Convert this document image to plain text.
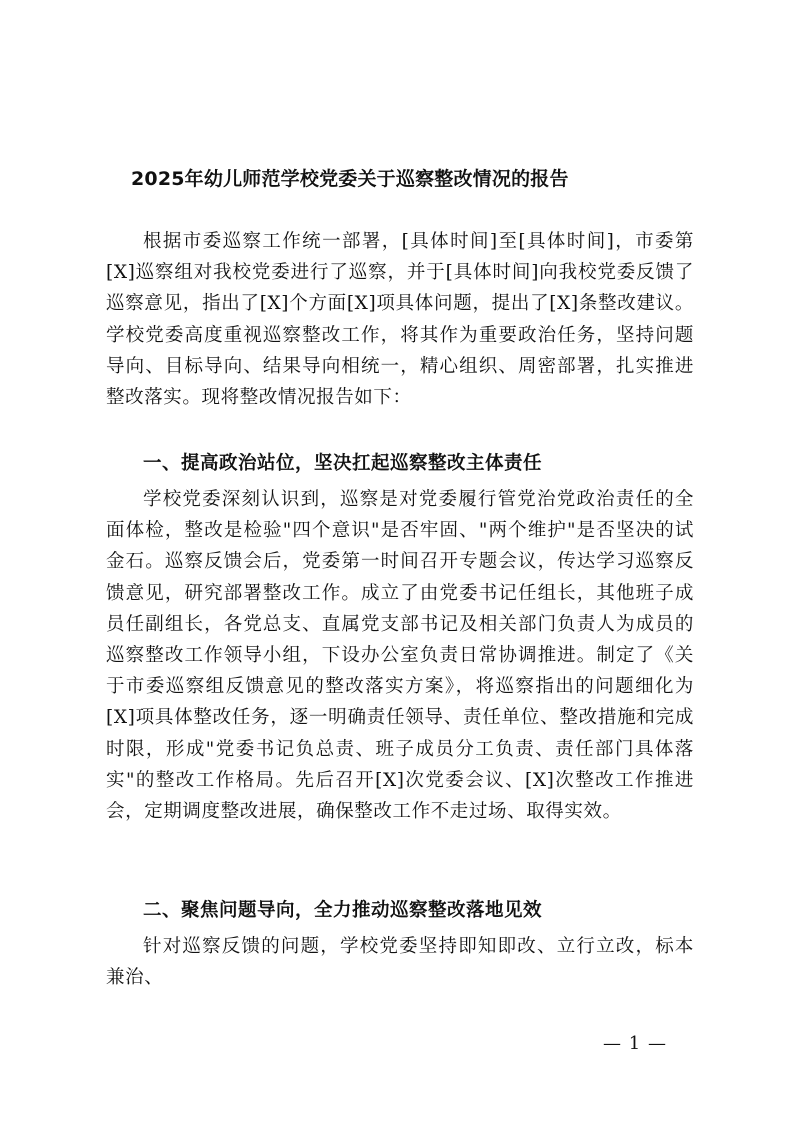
2025年幼儿师范学校党委关于巡察整改情况的报告
根据市委巡察工作统一部署，[具体时间]至[具体时间]，市委第[X]巡察组对我校党委进行了巡察，并于[具体时间]向我校党委反馈了巡察意见，指出了[X]个方面[X]项具体问题，提出了[X]条整改建议。学校党委高度重视巡察整改工作，将其作为重要政治任务，坚持问题导向、目标导向、结果导向相统一，精心组织、周密部署，扎实推进整改落实。现将整改情况报告如下：
一、提高政治站位，坚决扛起巡察整改主体责任
学校党委深刻认识到，巡察是对党委履行管党治党政治责任的全面体检，整改是检验"四个意识"是否牢固、"两个维护"是否坚决的试金石。巡察反馈会后，党委第一时间召开专题会议，传达学习巡察反馈意见，研究部署整改工作。成立了由党委书记任组长，其他班子成员任副组长，各党总支、直属党支部书记及相关部门负责人为成员的巡察整改工作领导小组，下设办公室负责日常协调推进。制定了《关于市委巡察组反馈意见的整改落实方案》，将巡察指出的问题细化为[X]项具体整改任务，逐一明确责任领导、责任单位、整改措施和完成时限，形成"党委书记负总责、班子成员分工负责、责任部门具体落实"的整改工作格局。先后召开[X]次党委会议、[X]次整改工作推进会，定期调度整改进展，确保整改工作不走过场、取得实效。
二、聚焦问题导向，全力推动巡察整改落地见效
针对巡察反馈的问题，学校党委坚持即知即改、立行立改，标本兼治、
— 1 —
